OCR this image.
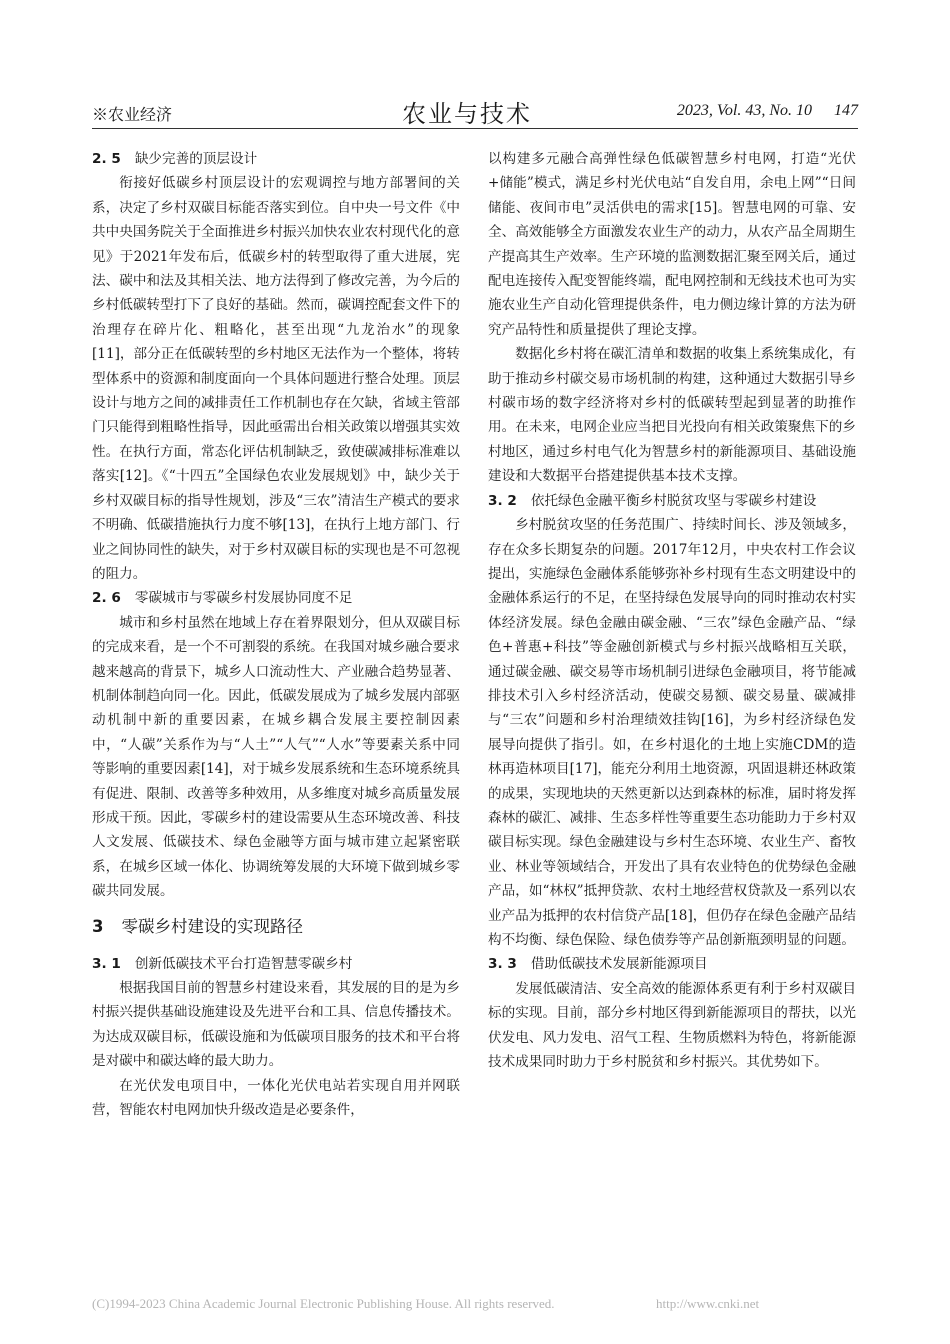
※农业经济	农业与技术	2023, Vol. 43, No. 10 147
2. 5 缺少完善的顶层设计

衔接好低碳乡村顶层设计的宏观调控与地方部署间的关系，决定了乡村双碳目标能否落实到位。自中央一号文件《中共中央国务院关于全面推进乡村振兴加快农业农村现代化的意见》于2021年发布后，低碳乡村的转型取得了重大进展，宪法、碳中和法及其相关法、地方法得到了修改完善，为今后的乡村低碳转型打下了良好的基础。然而，碳调控配套文件下的治理存在碎片化、粗略化，甚至出现“九龙治水”的现象[11]，部分正在低碳转型的乡村地区无法作为一个整体，将转型体系中的资源和制度面向一个具体问题进行整合处理。顶层设计与地方之间的减排责任工作机制也存在欠缺，省域主管部门只能得到粗略性指导，因此亟需出台相关政策以增强其实效性。在执行方面，常态化评估机制缺乏，致使碳减排标准难以落实[12]。《“十四五”全国绿色农业发展规划》中，缺少关于乡村双碳目标的指导性规划，涉及“三农”清洁生产模式的要求不明确、低碳措施执行力度不够[13]，在执行上地方部门、行业之间协同性的缺失，对于乡村双碳目标的实现也是不可忽视的阻力。

2. 6 零碳城市与零碳乡村发展协同度不足

城市和乡村虽然在地域上存在着界限划分，但从双碳目标的完成来看，是一个不可割裂的系统。在我国对城乡融合要求越来越高的背景下，城乡人口流动性大、产业融合趋势显著、机制体制趋向同一化。因此，低碳发展成为了城乡发展内部驱动机制中新的重要因素，在城乡耦合发展主要控制因素中，“人碳”关系作为与“人土”“人气”“人水”等要素关系中同等影响的重要因素[14]，对于城乡发展系统和生态环境系统具有促进、限制、改善等多种效用，从多维度对城乡高质量发展形成干预。因此，零碳乡村的建设需要从生态环境改善、科技人文发展、低碳技术、绿色金融等方面与城市建立起紧密联系，在城乡区域一体化、协调统筹发展的大环境下做到城乡零碳共同发展。

3 零碳乡村建设的实现路径
3. 1 创新低碳技术平台打造智慧零碳乡村

根据我国目前的智慧乡村建设来看，其发展的目的是为乡村振兴提供基础设施建设及先进平台和工具、信息传播技术。为达成双碳目标，低碳设施和为低碳项目服务的技术和平台将是对碳中和碳达峰的最大助力。

在光伏发电项目中，一体化光伏电站若实现自用并网联营，智能农村电网加快升级改造是必要条件，

以构建多元融合高弹性绿色低碳智慧乡村电网，打造“光伏+储能”模式，满足乡村光伏电站“自发自用，余电上网”“日间储能、夜间市电”灵活供电的需求[15]。智慧电网的可靠、安全、高效能够全方面激发农业生产的动力，从农产品全周期生产提高其生产效率。生产环境的监测数据汇聚至网关后，通过配电连接传入配变智能终端，配电网控制和无线技术也可为实施农业生产自动化管理提供条件，电力侧边缘计算的方法为研究产品特性和质量提供了理论支撑。

数据化乡村将在碳汇清单和数据的收集上系统集成化，有助于推动乡村碳交易市场机制的构建，这种通过大数据引导乡村碳市场的数字经济将对乡村的低碳转型起到显著的助推作用。在未来，电网企业应当把目光投向有相关政策聚焦下的乡村地区，通过乡村电气化为智慧乡村的新能源项目、基础设施建设和大数据平台搭建提供基本技术支撑。

3. 2 依托绿色金融平衡乡村脱贫攻坚与零碳乡村建设

乡村脱贫攻坚的任务范围广、持续时间长、涉及领域多，存在众多长期复杂的问题。2017年12月，中央农村工作会议提出，实施绿色金融体系能够弥补乡村现有生态文明建设中的金融体系运行的不足，在坚持绿色发展导向的同时推动农村实体经济发展。绿色金融由碳金融、“三农”绿色金融产品、“绿色+普惠+科技”等金融创新模式与乡村振兴战略相互关联，通过碳金融、碳交易等市场机制引进绿色金融项目，将节能减排技术引入乡村经济活动，使碳交易额、碳交易量、碳减排与“三农”问题和乡村治理绩效挂钩[16]，为乡村经济绿色发展导向提供了指引。如，在乡村退化的土地上实施CDM的造林再造林项目[17]，能充分利用土地资源，巩固退耕还林政策的成果，实现地块的天然更新以达到森林的标准，届时将发挥森林的碳汇、减排、生态多样性等重要生态功能助力于乡村双碳目标实现。绿色金融建设与乡村生态环境、农业生产、畜牧业、林业等领域结合，开发出了具有农业特色的优势绿色金融产品，如“林权”抵押贷款、农村土地经营权贷款及一系列以农业产品为抵押的农村信贷产品[18]，但仍存在绿色金融产品结构不均衡、绿色保险、绿色债券等产品创新瓶颈明显的问题。

3. 3 借助低碳技术发展新能源项目

发展低碳清洁、安全高效的能源体系更有利于乡村双碳目标的实现。目前，部分乡村地区得到新能源项目的帮扶，以光伏发电、风力发电、沼气工程、生物质燃料为特色，将新能源技术成果同时助力于乡村脱贫和乡村振兴。其优势如下。

(C)1994-2023 China Academic Journal Electronic Publishing House. All rights reserved.	http://www.cnki.net
